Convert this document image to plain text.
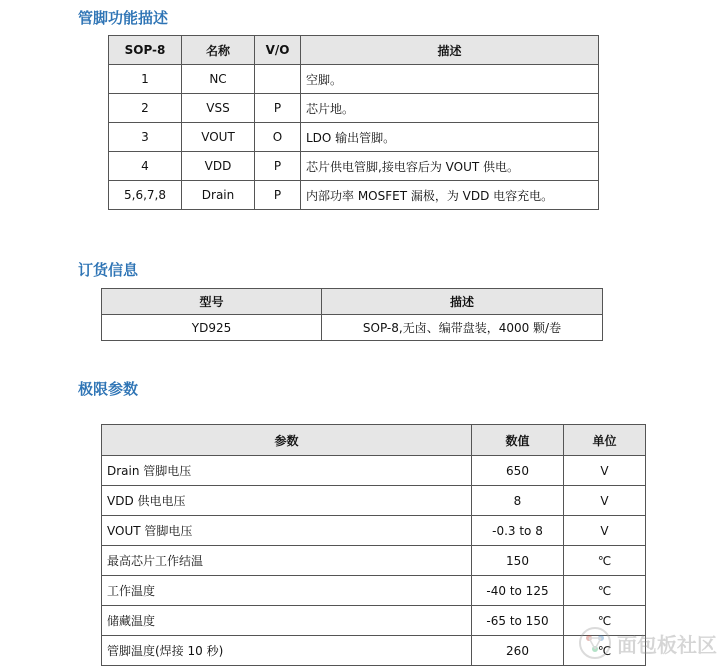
管脚功能描述
SOP-8	名称	V/O	描述
1	NC		空脚。
2	VSS	P	芯片地。
3	VOUT	O	LDO 输出管脚。
4	VDD	P	芯片供电管脚,接电容后为 VOUT 供电。
5,6,7,8	Drain	P	内部功率 MOSFET 漏极，为 VDD 电容充电。
订货信息
型号	描述
YD925	SOP-8,无卤、编带盘装，4000 颗/卷
极限参数
参数	数值	单位
Drain 管脚电压	650	V
VDD 供电电压	8	V
VOUT 管脚电压	-0.3 to 8	V
最高芯片工作结温	150	℃
工作温度	-40 to 125	℃
储藏温度	-65 to 150	℃
管脚温度(焊接 10 秒)	260	℃ 面包板社区
